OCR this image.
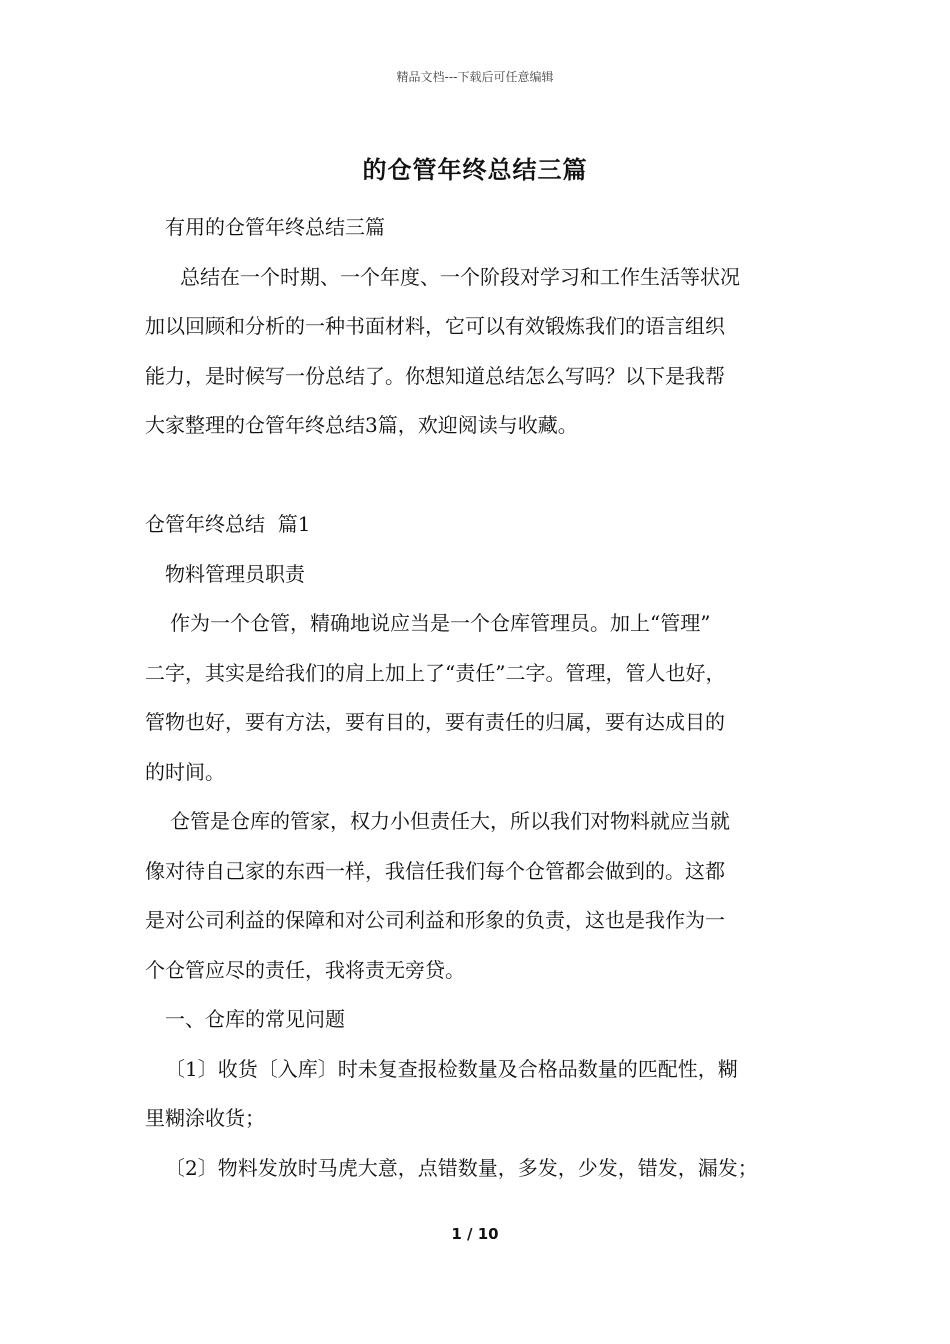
精品文档---下载后可任意编辑
的仓管年终总结三篇

有用的仓管年终总结三篇

总结在一个时期、一个年度、一个阶段对学习和工作生活等状况

加以回顾和分析的一种书面材料，它可以有效锻炼我们的语言组织

能力，是时候写一份总结了。你想知道总结怎么写吗？以下是我帮

大家整理的仓管年终总结3篇，欢迎阅读与收藏。

仓管年终总结  篇1

物料管理员职责

作为一个仓管，精确地说应当是一个仓库管理员。加上“管理”

二字，其实是给我们的肩上加上了“责任”二字。管理，管人也好，

管物也好，要有方法，要有目的，要有责任的归属，要有达成目的

的时间。

仓管是仓库的管家，权力小但责任大，所以我们对物料就应当就

像对待自己家的东西一样，我信任我们每个仓管都会做到的。这都

是对公司利益的保障和对公司利益和形象的负责，这也是我作为一

个仓管应尽的责任，我将责无旁贷。

一、仓库的常见问题

〔1〕收货〔入库〕时未复查报检数量及合格品数量的匹配性，糊

里糊涂收货；

〔2〕物料发放时马虎大意，点错数量，多发，少发，错发，漏发；

1 / 10
